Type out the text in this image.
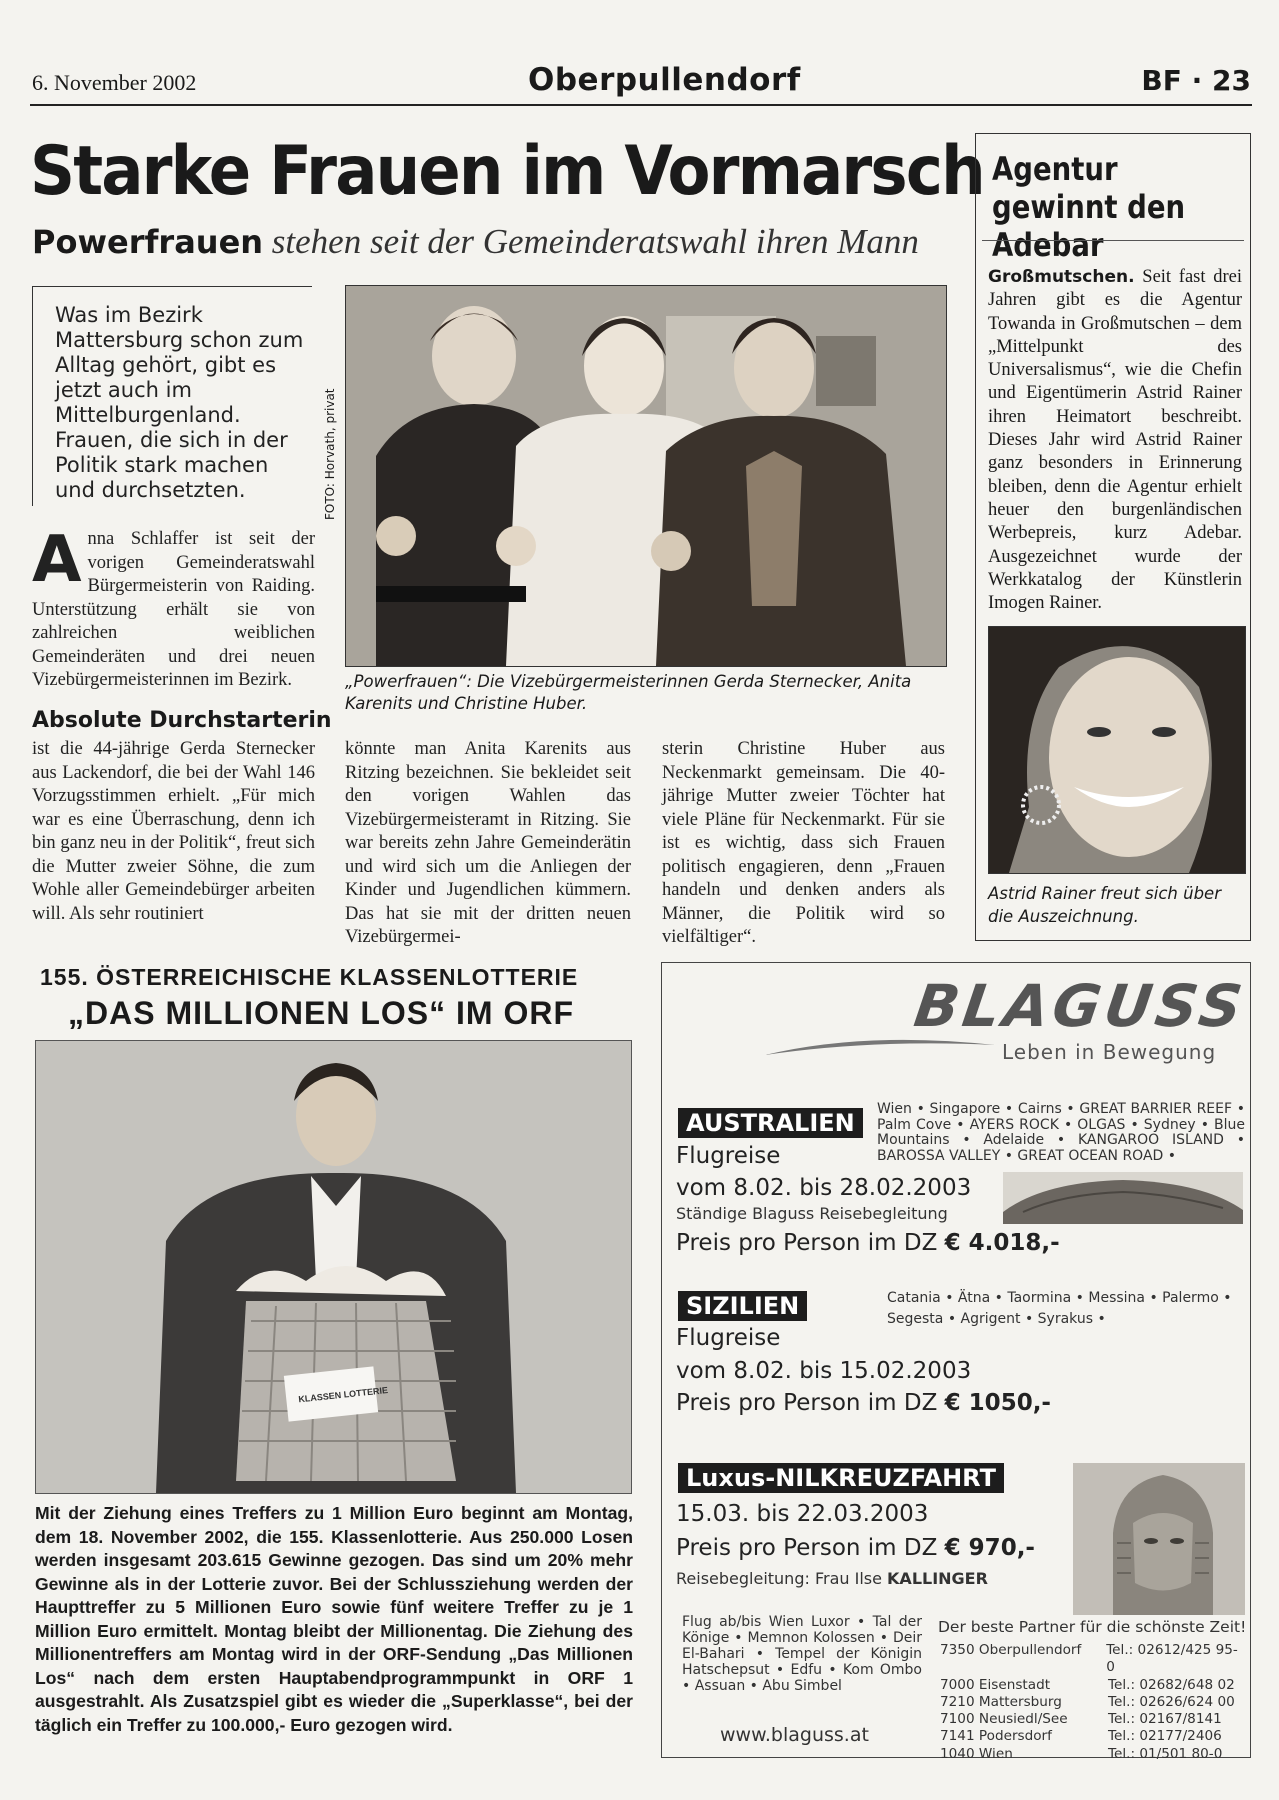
6. November 2002	Oberpullendorf	BF · 23
Starke Frauen im Vormarsch
Powerfrauen stehen seit der Gemeinderatswahl ihren Mann
Was im Bezirk Mattersburg schon zum Alltag gehört, gibt es jetzt auch im Mittelburgenland. Frauen, die sich in der Politik stark machen und durchsetzten.
Anna Schlaffer ist seit der vorigen Gemeinderatswahl Bürgermeisterin von Raiding. Unterstützung erhält sie von zahlreichen weiblichen Gemeinderäten und drei neuen Vizebürgermeisterinnen im Bezirk.
Absolute Durchstarterin
ist die 44-jährige Gerda Sternecker aus Lackendorf, die bei der Wahl 146 Vorzugsstimmen erhielt. „Für mich war es eine Überraschung, denn ich bin ganz neu in der Politik“, freut sich die Mutter zweier Söhne, die zum Wohle aller Gemeindebürger arbeiten will. Als sehr routiniert
könnte man Anita Karenits aus Ritzing bezeichnen. Sie bekleidet seit den vorigen Wahlen das Vizebürgermeisteramt in Ritzing. Sie war bereits zehn Jahre Gemeinderätin und wird sich um die Anliegen der Kinder und Jugendlichen kümmern. Das hat sie mit der dritten neuen Vizebürgermei-
sterin Christine Huber aus Neckenmarkt gemeinsam. Die 40-jährige Mutter zweier Töchter hat viele Pläne für Neckenmarkt. Für sie ist es wichtig, dass sich Frauen politisch engagieren, denn „Frauen handeln und denken anders als Männer, die Politik wird so vielfältiger“.
FOTO: Horvath, privat
„Powerfrauen“: Die Vizebürgermeisterinnen Gerda Sternecker, Anita Karenits und Christine Huber.
Agentur gewinnt den Adebar
Großmutschen. Seit fast drei Jahren gibt es die Agentur Towanda in Großmutschen – dem „Mittelpunkt des Universalismus“, wie die Chefin und Eigentümerin Astrid Rainer ihren Heimatort beschreibt. Dieses Jahr wird Astrid Rainer ganz besonders in Erinnerung bleiben, denn die Agentur erhielt heuer den burgenländischen Werbepreis, kurz Adebar. Ausgezeichnet wurde der Werkkatalog der Künstlerin Imogen Rainer.
Astrid Rainer freut sich über die Auszeichnung.
155. ÖSTERREICHISCHE KLASSENLOTTERIE
„DAS MILLIONEN LOS“ IM ORF
KLASSEN LOTTERIE
Mit der Ziehung eines Treffers zu 1 Million Euro beginnt am Montag, dem 18. November 2002, die 155. Klassenlotterie. Aus 250.000 Losen werden insgesamt 203.615 Gewinne gezogen. Das sind um 20% mehr Gewinne als in der Lotterie zuvor. Bei der Schlussziehung werden der Haupttreffer zu 5 Millionen Euro sowie fünf weitere Treffer zu je 1 Million Euro ermittelt. Montag bleibt der Millionentag. Die Ziehung des Millionentreffers am Montag wird in der ORF-Sendung „Das Millionen Los“ nach dem ersten Hauptabendprogrammpunkt in ORF 1 ausgestrahlt. Als Zusatzspiel gibt es wieder die „Superklasse“, bei der täglich ein Treffer zu 100.000,- Euro gezogen wird.
BLAGUSS
Leben in Bewegung
AUSTRALIEN	Wien • Singapore • Cairns • GREAT BARRIER REEF • Palm Cove • AYERS ROCK • OLGAS • Sydney • Blue Mountains • Adelaide • KANGAROO ISLAND • BAROSSA VALLEY • GREAT OCEAN ROAD •
Flugreise
vom 8.02. bis 28.02.2003
Ständige Blaguss Reisebegleitung
Preis pro Person im DZ € 4.018,-
SIZILIEN	Catania • Ätna • Taormina • Messina • Palermo • Segesta • Agrigent • Syrakus •
Flugreise
vom 8.02. bis 15.02.2003
Preis pro Person im DZ € 1050,-
Luxus-NILKREUZFAHRT
15.03. bis 22.03.2003
Preis pro Person im DZ € 970,-
Reisebegleitung: Frau Ilse KALLINGER
Flug ab/bis Wien Luxor • Tal der Könige • Memnon Kolossen • Deir El-Bahari • Tempel der Königin Hatschepsut • Edfu • Kom Ombo • Assuan • Abu Simbel
Der beste Partner für die schönste Zeit!
7350 Oberpullendorf	Tel.: 02612/425 95-0
7000 Eisenstadt	Tel.: 02682/648 02
7210 Mattersburg	Tel.: 02626/624 00
7100 Neusiedl/See	Tel.: 02167/8141
7141 Podersdorf	Tel.: 02177/2406
1040 Wien	Tel.: 01/501 80-0
www.blaguss.at
